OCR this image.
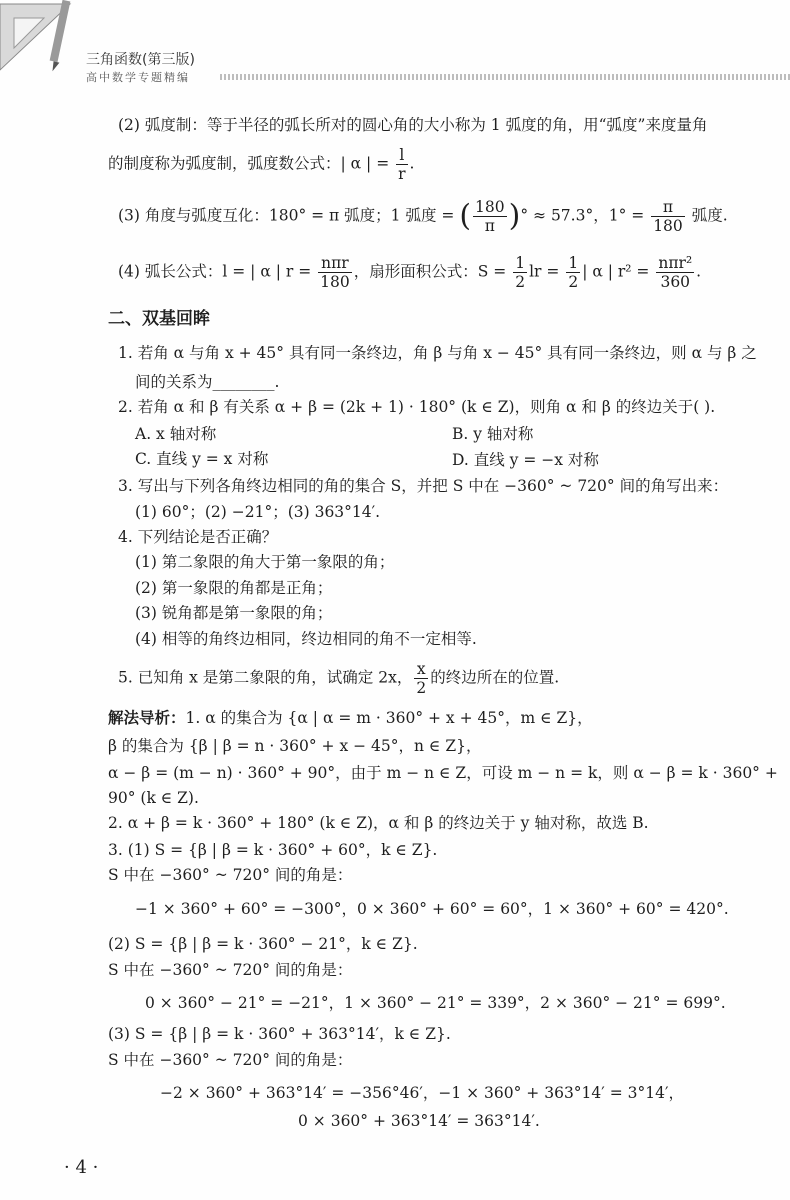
三角函数(第三版)
高中数学专题精编
(2) 弧度制：等于半径的弧长所对的圆心角的大小称为 1 弧度的角，用“弧度”来度量角
的制度称为弧度制，弧度数公式：| α | = $\frac{l}{r}$ .
(3) 角度与弧度互化：180° = π 弧度；1 弧度 = ( $\frac{180}{\pi}$ )° ≈ 57.3°，$1^\circ = \frac{\pi}{180}$ 弧度.
(4) 弧长公式：l = | α | $r = \frac{\text{nπr}}{180}$ ，扇形面积公式：$S = \frac{1}{2}$ lr = $\frac{1}{2}$ | α | $r^2 = \frac{\text{nπr²}}{360}$ .
二、双基回眸
1. 若角 α 与角 x + 45° 具有同一条终边，角 β 与角 x − 45° 具有同一条终边，则 α 与 β 之
间的关系为________.
2. 若角 α 和 β 有关系 α + β = (2k + 1) · 180° (k ∈ Z)，则角 α 和 β 的终边关于( ).
A. x 轴对称	B. y 轴对称
C. 直线 y = x 对称	D. 直线 y = −x 对称
3. 写出与下列各角终边相同的角的集合 S，并把 S 中在 −360° ~ 720° 间的角写出来：
(1) 60°；(2) −21°；(3) 363°14′.
4. 下列结论是否正确？
(1) 第二象限的角大于第一象限的角；
(2) 第一象限的角都是正角；
(3) 锐角都是第一象限的角；
(4) 相等的角终边相同，终边相同的角不一定相等.
5. 已知角 x 是第二象限的角，试确定 2x， $\frac{x}{2}$ 的终边所在的位置.
解法导析：1. α 的集合为 {α | α = m · 360° + x + 45°，m ∈ Z}，
β 的集合为 {β | β = n · 360° + x − 45°，n ∈ Z}，
α − β = (m − n) · 360° + 90°，由于 m − n ∈ Z，可设 m − n = k，则 α − β = k · 360° +
90° (k ∈ Z).
2. α + β = k · 360° + 180° (k ∈ Z)，α 和 β 的终边关于 y 轴对称，故选 B.
3. (1) S = {β | β = k · 360° + 60°，k ∈ Z}.
S 中在 −360° ~ 720° 间的角是：
−1 × 360° + 60° = −300°，0 × 360° + 60° = 60°，1 × 360° + 60° = 420°.
(2) S = {β | β = k · 360° − 21°，k ∈ Z}.
S 中在 −360° ~ 720° 间的角是：
0 × 360° − 21° = −21°，1 × 360° − 21° = 339°，2 × 360° − 21° = 699°.
(3) S = {β | β = k · 360° + 363°14′，k ∈ Z}.
S 中在 −360° ~ 720° 间的角是：
−2 × 360° + 363°14′ = −356°46′，−1 × 360° + 363°14′ = 3°14′，
0 × 360° + 363°14′ = 363°14′.
· 4 ·
